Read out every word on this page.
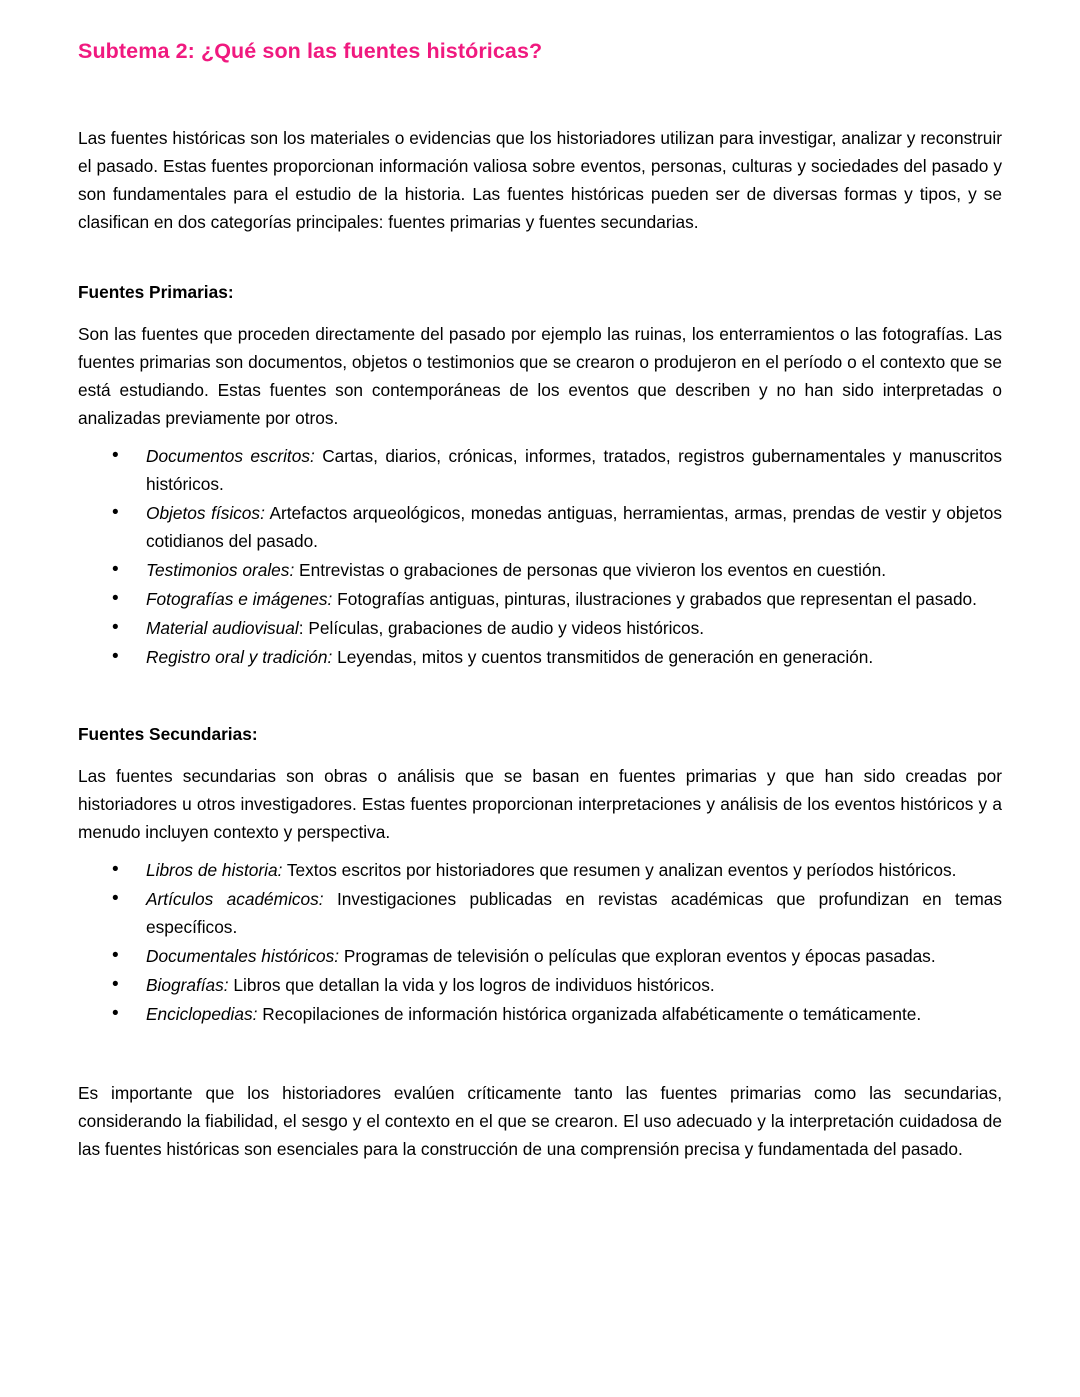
Subtema 2: ¿Qué son las fuentes históricas?

Las fuentes históricas son los materiales o evidencias que los historiadores utilizan para investigar, analizar y reconstruir el pasado. Estas fuentes proporcionan información valiosa sobre eventos, personas, culturas y sociedades del pasado y son fundamentales para el estudio de la historia. Las fuentes históricas pueden ser de diversas formas y tipos, y se clasifican en dos categorías principales: fuentes primarias y fuentes secundarias.

Fuentes Primarias:

Son las fuentes que proceden directamente del pasado por ejemplo las ruinas, los enterramientos o las fotografías. Las fuentes primarias son documentos, objetos o testimonios que se crearon o produjeron en el período o el contexto que se está estudiando. Estas fuentes son contemporáneas de los eventos que describen y no han sido interpretadas o analizadas previamente por otros.

• Documentos escritos: Cartas, diarios, crónicas, informes, tratados, registros gubernamentales y manuscritos históricos.
• Objetos físicos: Artefactos arqueológicos, monedas antiguas, herramientas, armas, prendas de vestir y objetos cotidianos del pasado.
• Testimonios orales: Entrevistas o grabaciones de personas que vivieron los eventos en cuestión.
• Fotografías e imágenes: Fotografías antiguas, pinturas, ilustraciones y grabados que representan el pasado.
• Material audiovisual: Películas, grabaciones de audio y videos históricos.
• Registro oral y tradición: Leyendas, mitos y cuentos transmitidos de generación en generación.
Fuentes Secundarias:

Las fuentes secundarias son obras o análisis que se basan en fuentes primarias y que han sido creadas por historiadores u otros investigadores. Estas fuentes proporcionan interpretaciones y análisis de los eventos históricos y a menudo incluyen contexto y perspectiva.

• Libros de historia: Textos escritos por historiadores que resumen y analizan eventos y períodos históricos.
• Artículos académicos: Investigaciones publicadas en revistas académicas que profundizan en temas específicos.
• Documentales históricos: Programas de televisión o películas que exploran eventos y épocas pasadas.
• Biografías: Libros que detallan la vida y los logros de individuos históricos.
• Enciclopedias: Recopilaciones de información histórica organizada alfabéticamente o temáticamente.

Es importante que los historiadores evalúen críticamente tanto las fuentes primarias como las secundarias, considerando la fiabilidad, el sesgo y el contexto en el que se crearon. El uso adecuado y la interpretación cuidadosa de las fuentes históricas son esenciales para la construcción de una comprensión precisa y fundamentada del pasado.
